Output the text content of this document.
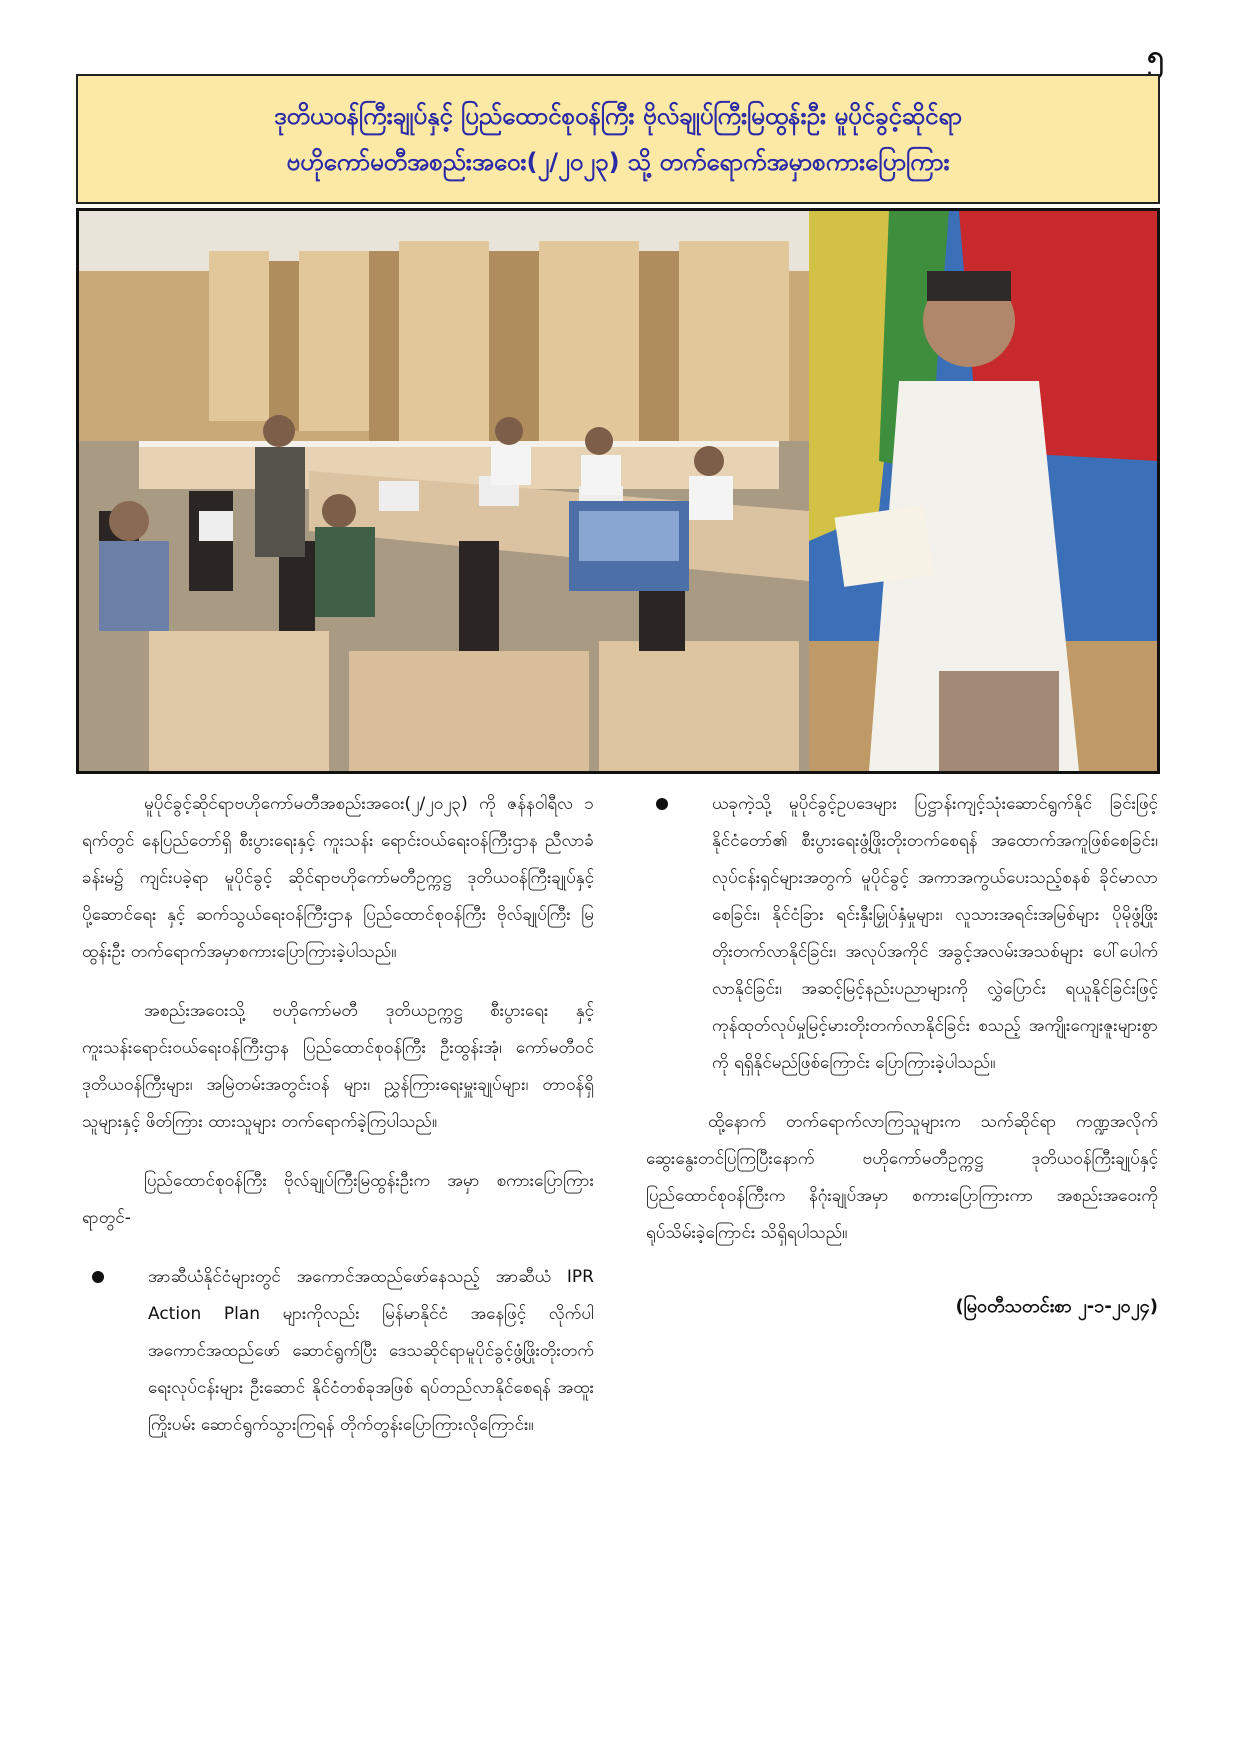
၅
ဒုတိယဝန်ကြီးချုပ်နှင့် ပြည်ထောင်စုဝန်ကြီး ဗိုလ်ချုပ်ကြီးမြထွန်းဦး မူပိုင်ခွင့်ဆိုင်ရာ
ဗဟိုကော်မတီအစည်းအဝေး(၂/၂၀၂၃) သို့ တက်ရောက်အမှာစကားပြောကြား

မူပိုင်ခွင့်ဆိုင်ရာဗဟိုကော်မတီအစည်းအဝေး(၂/၂၀၂၃) ကို ဇန်နဝါရီလ ၁ ရက်တွင် နေပြည်တော်ရှိ စီးပွားရေးနှင့် ကူးသန်း ရောင်းဝယ်ရေးဝန်ကြီးဌာန ညီလာခံခန်းမ၌ ကျင်းပခဲ့ရာ မူပိုင်ခွင့် ဆိုင်ရာဗဟိုကော်မတီဥက္ကဋ္ဌ ဒုတိယဝန်ကြီးချုပ်နှင့် ပို့ဆောင်ရေး နှင့် ဆက်သွယ်ရေးဝန်ကြီးဌာန ပြည်ထောင်စုဝန်ကြီး ဗိုလ်ချုပ်ကြီး မြထွန်းဦး တက်ရောက်အမှာစကားပြောကြားခဲ့ပါသည်။

အစည်းအဝေးသို့ ဗဟိုကော်မတီ ဒုတိယဥက္ကဋ္ဌ စီးပွားရေး နှင့် ကူးသန်းရောင်းဝယ်ရေးဝန်ကြီးဌာန ပြည်ထောင်စုဝန်ကြီး ဦးထွန်းအုံ၊ ကော်မတီဝင် ဒုတိယဝန်ကြီးများ၊ အမြဲတမ်းအတွင်းဝန် များ၊ ညွှန်ကြားရေးမှူးချုပ်များ၊ တာဝန်ရှိသူများနှင့် ဖိတ်ကြား ထားသူများ တက်ရောက်ခဲ့ကြပါသည်။

ပြည်ထောင်စုဝန်ကြီး ဗိုလ်ချုပ်ကြီးမြထွန်းဦးက အမှာ စကားပြောကြားရာတွင်-

အာဆီယံနိုင်ငံများတွင် အကောင်အထည်ဖော်နေသည့် အာဆီယံ IPR Action Plan များကိုလည်း မြန်မာနိုင်ငံ အနေဖြင့် လိုက်ပါအကောင်အထည်ဖော် ဆောင်ရွက်ပြီး ဒေသဆိုင်ရာမူပိုင်ခွင့်ဖွံ့ဖြိုးတိုးတက်ရေးလုပ်ငန်းများ ဦးဆောင် နိုင်ငံတစ်ခုအဖြစ် ရပ်တည်လာနိုင်စေရန် အထူးကြိုးပမ်း ဆောင်ရွက်သွားကြရန် တိုက်တွန်းပြောကြားလိုကြောင်း။
ယခုကဲ့သို့ မူပိုင်ခွင့်ဥပဒေများ ပြဋ္ဌာန်းကျင့်သုံးဆောင်ရွက်နိုင် ခြင်းဖြင့် နိုင်ငံတော်၏ စီးပွားရေးဖွံ့ဖြိုးတိုးတက်စေရန် အထောက်အကူဖြစ်စေခြင်း၊ လုပ်ငန်းရှင်များအတွက် မူပိုင်ခွင့် အကာအကွယ်ပေးသည့်စနစ် ခိုင်မာလာစေခြင်း၊ နိုင်ငံခြား ရင်းနှီးမြှုပ်နှံမှုများ၊ လူသားအရင်းအမြစ်များ ပိုမိုဖွံ့ဖြိုး တိုးတက်လာနိုင်ခြင်း၊ အလုပ်အကိုင် အခွင့်အလမ်းအသစ်များ ပေါ်ပေါက်လာနိုင်ခြင်း၊ အဆင့်မြင့်နည်းပညာများကို လွှဲပြောင်း ရယူနိုင်ခြင်းဖြင့် ကုန်ထုတ်လုပ်မှုမြင့်မားတိုးတက်လာနိုင်ခြင်း စသည့် အကျိုးကျေးဇူးများစွာကို ရရှိနိုင်မည်ဖြစ်ကြောင်း ပြောကြားခဲ့ပါသည်။

ထို့နောက် တက်ရောက်လာကြသူများက သက်ဆိုင်ရာ ကဏ္ဍအလိုက် ဆွေးနွေးတင်ပြကြပြီးနောက် ဗဟိုကော်မတီဥက္ကဋ္ဌ ဒုတိယဝန်ကြီးချုပ်နှင့် ပြည်ထောင်စုဝန်ကြီးက နိဂုံးချုပ်အမှာ စကားပြောကြားကာ အစည်းအဝေးကို ရုပ်သိမ်းခဲ့ကြောင်း သိရှိရပါသည်။

(မြဝတီသတင်းစာ ၂-၁-၂၀၂၄)
